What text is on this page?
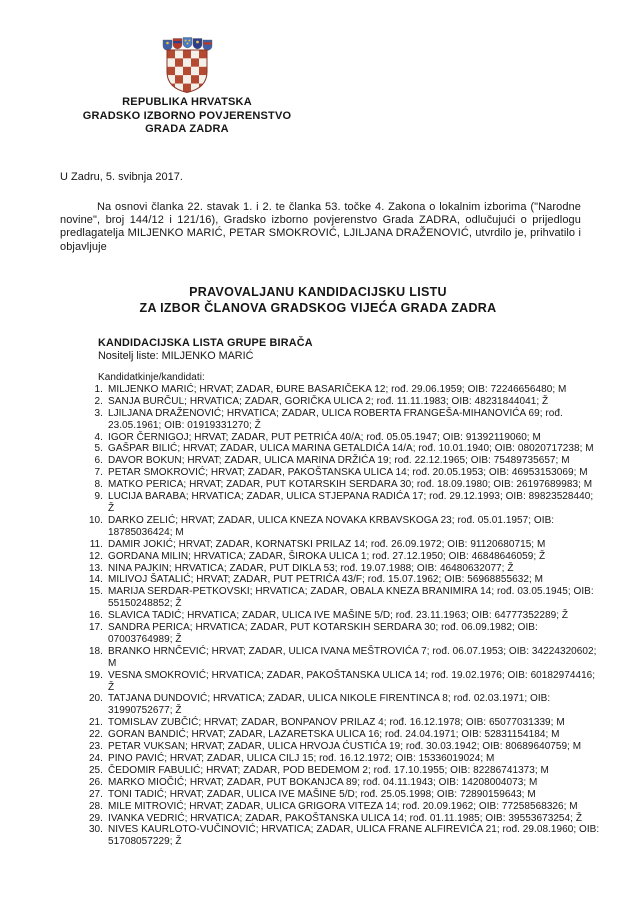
REPUBLIKA HRVATSKA
GRADSKO IZBORNO POVJERENSTVO
GRADA ZADRA
U Zadru, 5. svibnja 2017.
Na osnovi članka 22. stavak 1. i 2. te članka 53. točke 4. Zakona o lokalnim izborima ("Narodne novine", broj 144/12 i 121/16), Gradsko izborno povjerenstvo Grada ZADRA, odlučujući o prijedlogu predlagatelja MILJENKO MARIĆ, PETAR SMOKROVIĆ, LJILJANA DRAŽENOVIĆ, utvrdilo je, prihvatilo i objavljuje
PRAVOVALJANU KANDIDACIJSKU LISTU
ZA IZBOR ČLANOVA GRADSKOG VIJEĆA GRADA ZADRA
KANDIDACIJSKA LISTA GRUPE BIRAČA
Nositelj liste: MILJENKO MARIĆ
Kandidatkinje/kandidati:
1. MILJENKO MARIĆ; HRVAT; ZADAR, ĐURE BASARIČEKA 12; rođ. 29.06.1959; OIB: 72246656480; M
2. SANJA BURČUL; HRVATICA; ZADAR, GORIČKA ULICA 2; rođ. 11.11.1983; OIB: 48231844041; Ž
3. LJILJANA DRAŽENOVIĆ; HRVATICA; ZADAR, ULICA ROBERTA FRANGEŠA-MIHANOVIĆA 69; rođ. 23.05.1961; OIB: 01919331270; Ž
4. IGOR ČERNIGOJ; HRVAT; ZADAR, PUT PETRIĆA 40/A; rođ. 05.05.1947; OIB: 91392119060; M
5. GAŠPAR BILIĆ; HRVAT; ZADAR, ULICA MARINA GETALDIĆA 14/A; rođ. 10.01.1940; OIB: 08020717238; M
6. DAVOR BOKUN; HRVAT; ZADAR, ULICA MARINA DRŽIĆA 19; rođ. 22.12.1965; OIB: 75489735657; M
7. PETAR SMOKROVIĆ; HRVAT; ZADAR, PAKOŠTANSKA ULICA 14; rođ. 20.05.1953; OIB: 46953153069; M
8. MATKO PERICA; HRVAT; ZADAR, PUT KOTARSKIH SERDARA 30; rođ. 18.09.1980; OIB: 26197689983; M
9. LUCIJA BARABA; HRVATICA; ZADAR, ULICA STJEPANA RADIĆA 17; rođ. 29.12.1993; OIB: 89823528440; Ž
10. DARKO ZELIĆ; HRVAT; ZADAR, ULICA KNEZA NOVAKA KRBAVSKOGA 23; rođ. 05.01.1957; OIB: 18785036424; M
11. DAMIR JOKIĆ; HRVAT; ZADAR, KORNATSKI PRILAZ 14; rođ. 26.09.1972; OIB: 91120680715; M
12. GORDANA MILIN; HRVATICA; ZADAR, ŠIROKA ULICA 1; rođ. 27.12.1950; OIB: 46848646059; Ž
13. NINA PAJKIN; HRVATICA; ZADAR, PUT DIKLA 53; rođ. 19.07.1988; OIB: 46480632077; Ž
14. MILIVOJ ŠATALIĆ; HRVAT; ZADAR, PUT PETRIĆA 43/F; rođ. 15.07.1962; OIB: 56968855632; M
15. MARIJA SERDAR-PETKOVSKI; HRVATICA; ZADAR, OBALA KNEZA BRANIMIRA 14; rođ. 03.05.1945; OIB: 55150248852; Ž
16. SLAVICA TADIĆ; HRVATICA; ZADAR, ULICA IVE MAŠINE 5/D; rođ. 23.11.1963; OIB: 64777352289; Ž
17. SANDRA PERICA; HRVATICA; ZADAR, PUT KOTARSKIH SERDARA 30; rođ. 06.09.1982; OIB: 07003764989; Ž
18. BRANKO HRNČEVIĆ; HRVAT; ZADAR, ULICA IVANA MEŠTROVIĆA 7; rođ. 06.07.1953; OIB: 34224320602; M
19. VESNA SMOKROVIĆ; HRVATICA; ZADAR, PAKOŠTANSKA ULICA 14; rođ. 19.02.1976; OIB: 60182974416; Ž
20. TATJANA DUNDOVIĆ; HRVATICA; ZADAR, ULICA NIKOLE FIRENTINCA 8; rođ. 02.03.1971; OIB: 31990752677; Ž
21. TOMISLAV ZUBČIĆ; HRVAT; ZADAR, BONPANOV PRILAZ 4; rođ. 16.12.1978; OIB: 65077031339; M
22. GORAN BANDIĆ; HRVAT; ZADAR, LAZARETSKA ULICA 16; rođ. 24.04.1971; OIB: 52831154184; M
23. PETAR VUKSAN; HRVAT; ZADAR, ULICA HRVOJA ĆUSTIĆA 19; rođ. 30.03.1942; OIB: 80689640759; M
24. PINO PAVIĆ; HRVAT; ZADAR, ULICA CILJ 15; rođ. 16.12.1972; OIB: 15336019024; M
25. ČEDOMIR FABULIĆ; HRVAT; ZADAR, POD BEDEMOM 2; rođ. 17.10.1955; OIB: 82286741373; M
26. MARKO MIOČIĆ; HRVAT; ZADAR, PUT BOKANJCA 89; rođ. 04.11.1943; OIB: 14208004073; M
27. TONI TADIĆ; HRVAT; ZADAR, ULICA IVE MAŠINE 5/D; rođ. 25.05.1998; OIB: 72890159643; M
28. MILE MITROVIĆ; HRVAT; ZADAR, ULICA GRIGORA VITEZA 14; rođ. 20.09.1962; OIB: 77258568326; M
29. IVANKA VEDRIĆ; HRVATICA; ZADAR, PAKOŠTANSKA ULICA 14; rođ. 01.11.1985; OIB: 39553673254; Ž
30. NIVES KAURLOTO-VUČINOVIĆ; HRVATICA; ZADAR, ULICA FRANE ALFIREVIĆA 21; rođ. 29.08.1960; OIB: 51708057229; Ž
